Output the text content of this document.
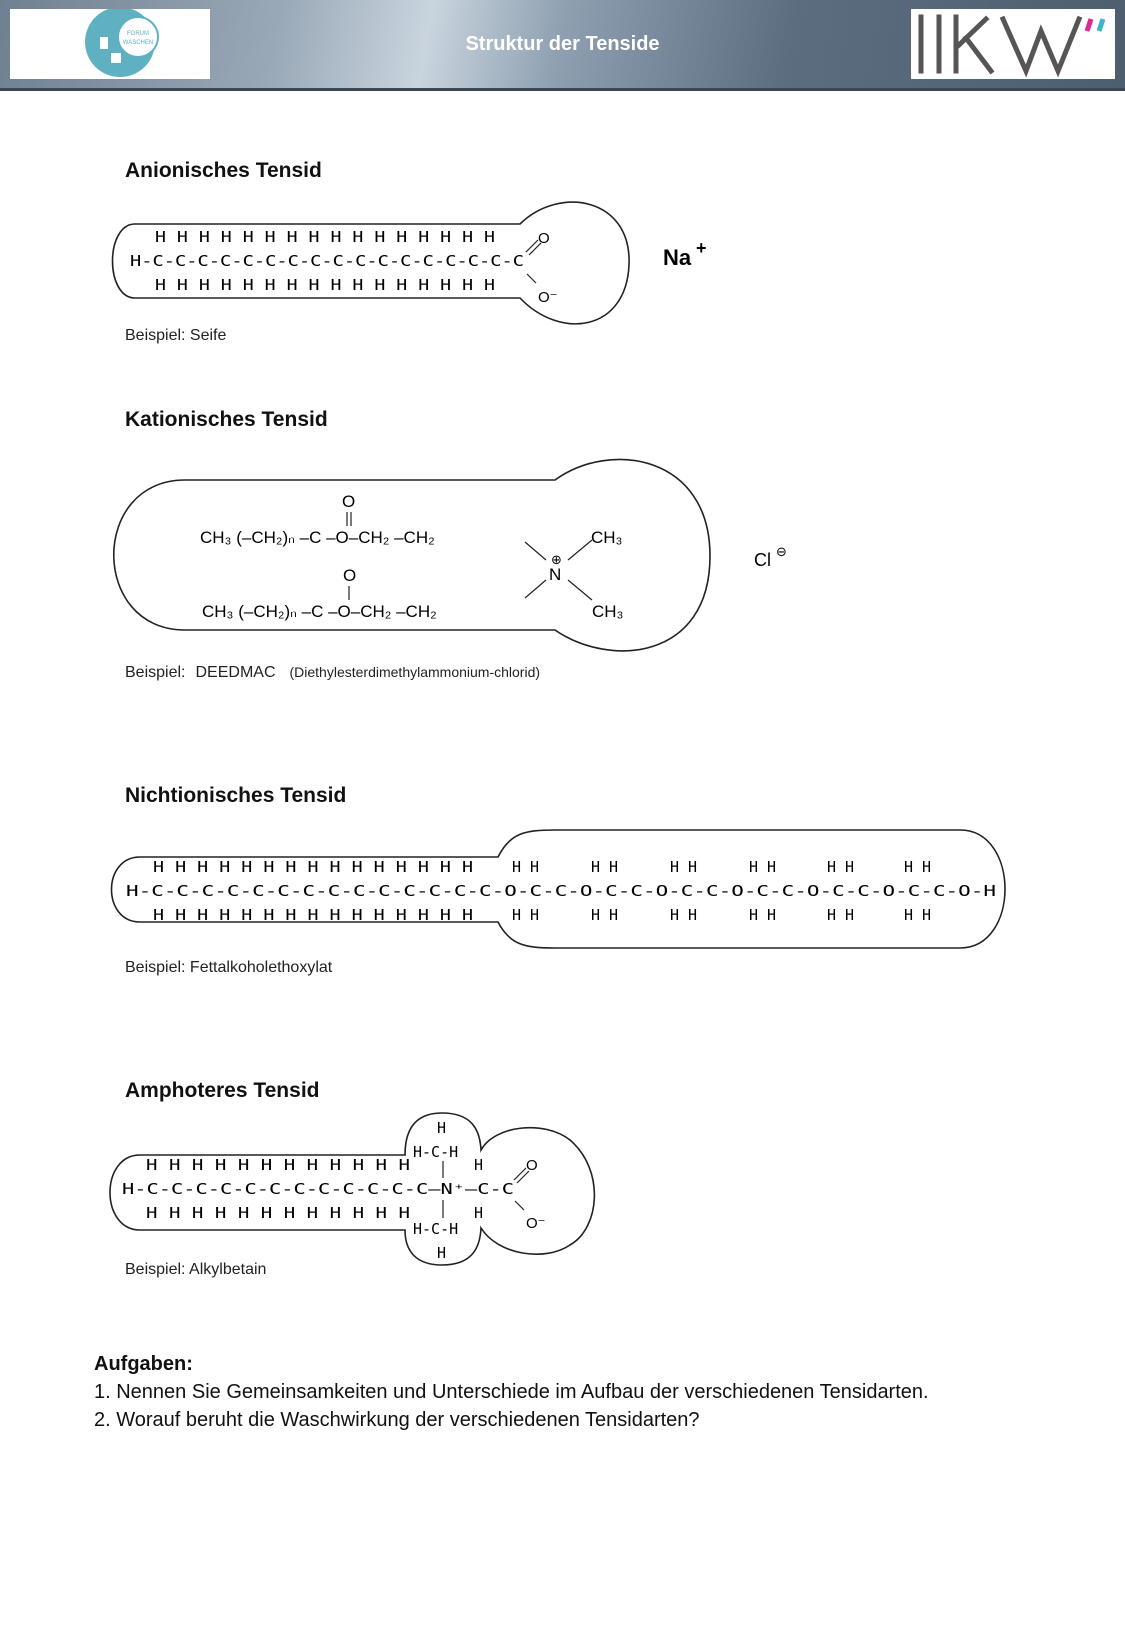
FORUM
WASCHEN	Struktur der Tenside
Anionisches Tensid
H H H H H H H H H H H H H H H H
H-C-C-C-C-C-C-C-C-C-C-C-C-C-C-C-C-C
H H H H H H H H H H H H H H H H
O
O⁻
Na +
CH₃ (–CH₂)ₙ –C –O–CH₂ –CH₂
CH₃ (–CH₂)ₙ –C –O–CH₂ –CH₂
O
O	N
⊕
CH₃
CH₃
Cl ⊖
H H H H H H H H H H H H H H H
H-C-C-C-C-C-C-C-C-C-C-C-C-C-C-O-C-C-O-C-C-O-C-C-O-C-C-O-C-C-O-C-C-O-H
H H H H H H H H H H H H H H H
H H
H H
H H
H H
H H
H H
H H
H H
H H
H H
H H
H H
H H H H H H H H H H H H
H-C-C-C-C-C-C-C-C-C-C-C-C—N⁺—C-C
H H H H H H H H H H H H
H
H-C-H
H-C-H
H
H
H
O
O⁻
Beispiel: Seife
Kationisches Tensid
Beispiel: DEEDMAC (Diethylesterdimethylammonium-chlorid)
Nichtionisches Tensid
Beispiel: Fettalkoholethoxylat
Amphoteres Tensid
Beispiel: Alkylbetain
Aufgaben:
1. Nennen Sie Gemeinsamkeiten und Unterschiede im Aufbau der verschiedenen Tensidarten.
2. Worauf beruht die Waschwirkung der verschiedenen Tensidarten?
